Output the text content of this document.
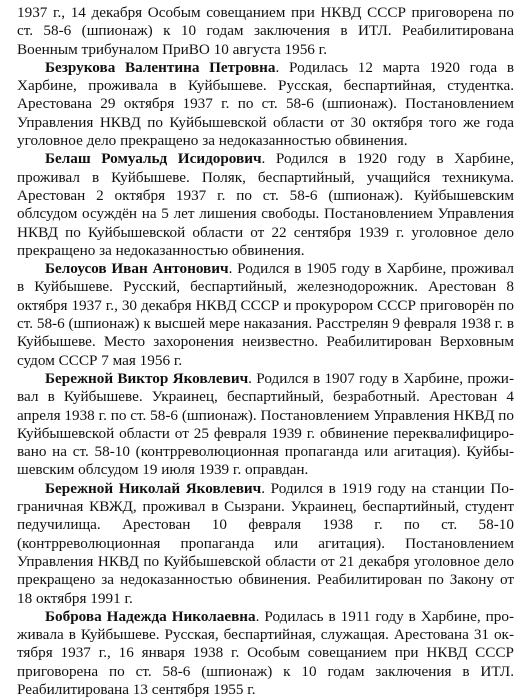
1937 г., 14 декабря Особым совещанием при НКВД СССР приговорена по ст. 58-6 (шпионаж) к 10 годам заключения в ИТЛ. Реабилитирована Военным трибуналом ПриВО 10 августа 1956 г.

Безрукова Валентина Петровна. Родилась 12 марта 1920 года в Харбине, проживала в Куйбышеве. Русская, беспартийная, студентка. Арестована 29 октября 1937 г. по ст. 58-6 (шпионаж). Постановлением Управления НКВД по Куйбышевской области от 30 октября того же года уголовное дело прекращено за недоказанностью обвинения.

Белаш Ромуальд Исидорович. Родился в 1920 году в Харбине, проживал в Куйбышеве. Поляк, беспартийный, учащийся техникума. Арестован 2 октября 1937 г. по ст. 58-6 (шпионаж). Куйбышевским облсудом осуждён на 5 лет лишения свободы. Постановлением Управления НКВД по Куйбышевской области от 22 сентября 1939 г. уголовное дело прекращено за недоказанностью обвинения.

Белоусов Иван Антонович. Родился в 1905 году в Харбине, проживал в Куйбышеве. Русский, беспартийный, железнодорожник. Арестован 8 октября 1937 г., 30 декабря НКВД СССР и прокурором СССР приговорён по ст. 58-6 (шпионаж) к высшей мере наказания. Расстрелян 9 февраля 1938 г. в Куйбышеве. Место захоронения неизвестно. Реабилитирован Верховным судом СССР 7 мая 1956 г.

Бережной Виктор Яковлевич. Родился в 1907 году в Харбине, проживал в Куйбышеве. Украинец, беспартийный, безработный. Арестован 4 апреля 1938 г. по ст. 58-6 (шпионаж). Постановлением Управления НКВД по Куйбышевской области от 25 февраля 1939 г. обвинение переквалифицировано на ст. 58-10 (контрреволюционная пропаганда или агитация). Куйбышевским облсудом 19 июля 1939 г. оправдан.

Бережной Николай Яковлевич. Родился в 1919 году на станции Пограничная КВЖД, проживал в Сызрани. Украинец, беспартийный, студент педучилища. Арестован 10 февраля 1938 г. по ст. 58-10 (контрреволюционная пропаганда или агитация). Постановлением Управления НКВД по Куйбышевской области от 21 декабря уголовное дело прекращено за недоказанностью обвинения. Реабилитирован по Закону от 18 октября 1991 г.

Боброва Надежда Николаевна. Родилась в 1911 году в Харбине, проживала в Куйбышеве. Русская, беспартийная, служащая. Арестована 31 октября 1937 г., 16 января 1938 г. Особым совещанием при НКВД СССР приговорена по ст. 58-6 (шпионаж) к 10 годам заключения в ИТЛ. Реабилитирована 13 сентября 1955 г.
